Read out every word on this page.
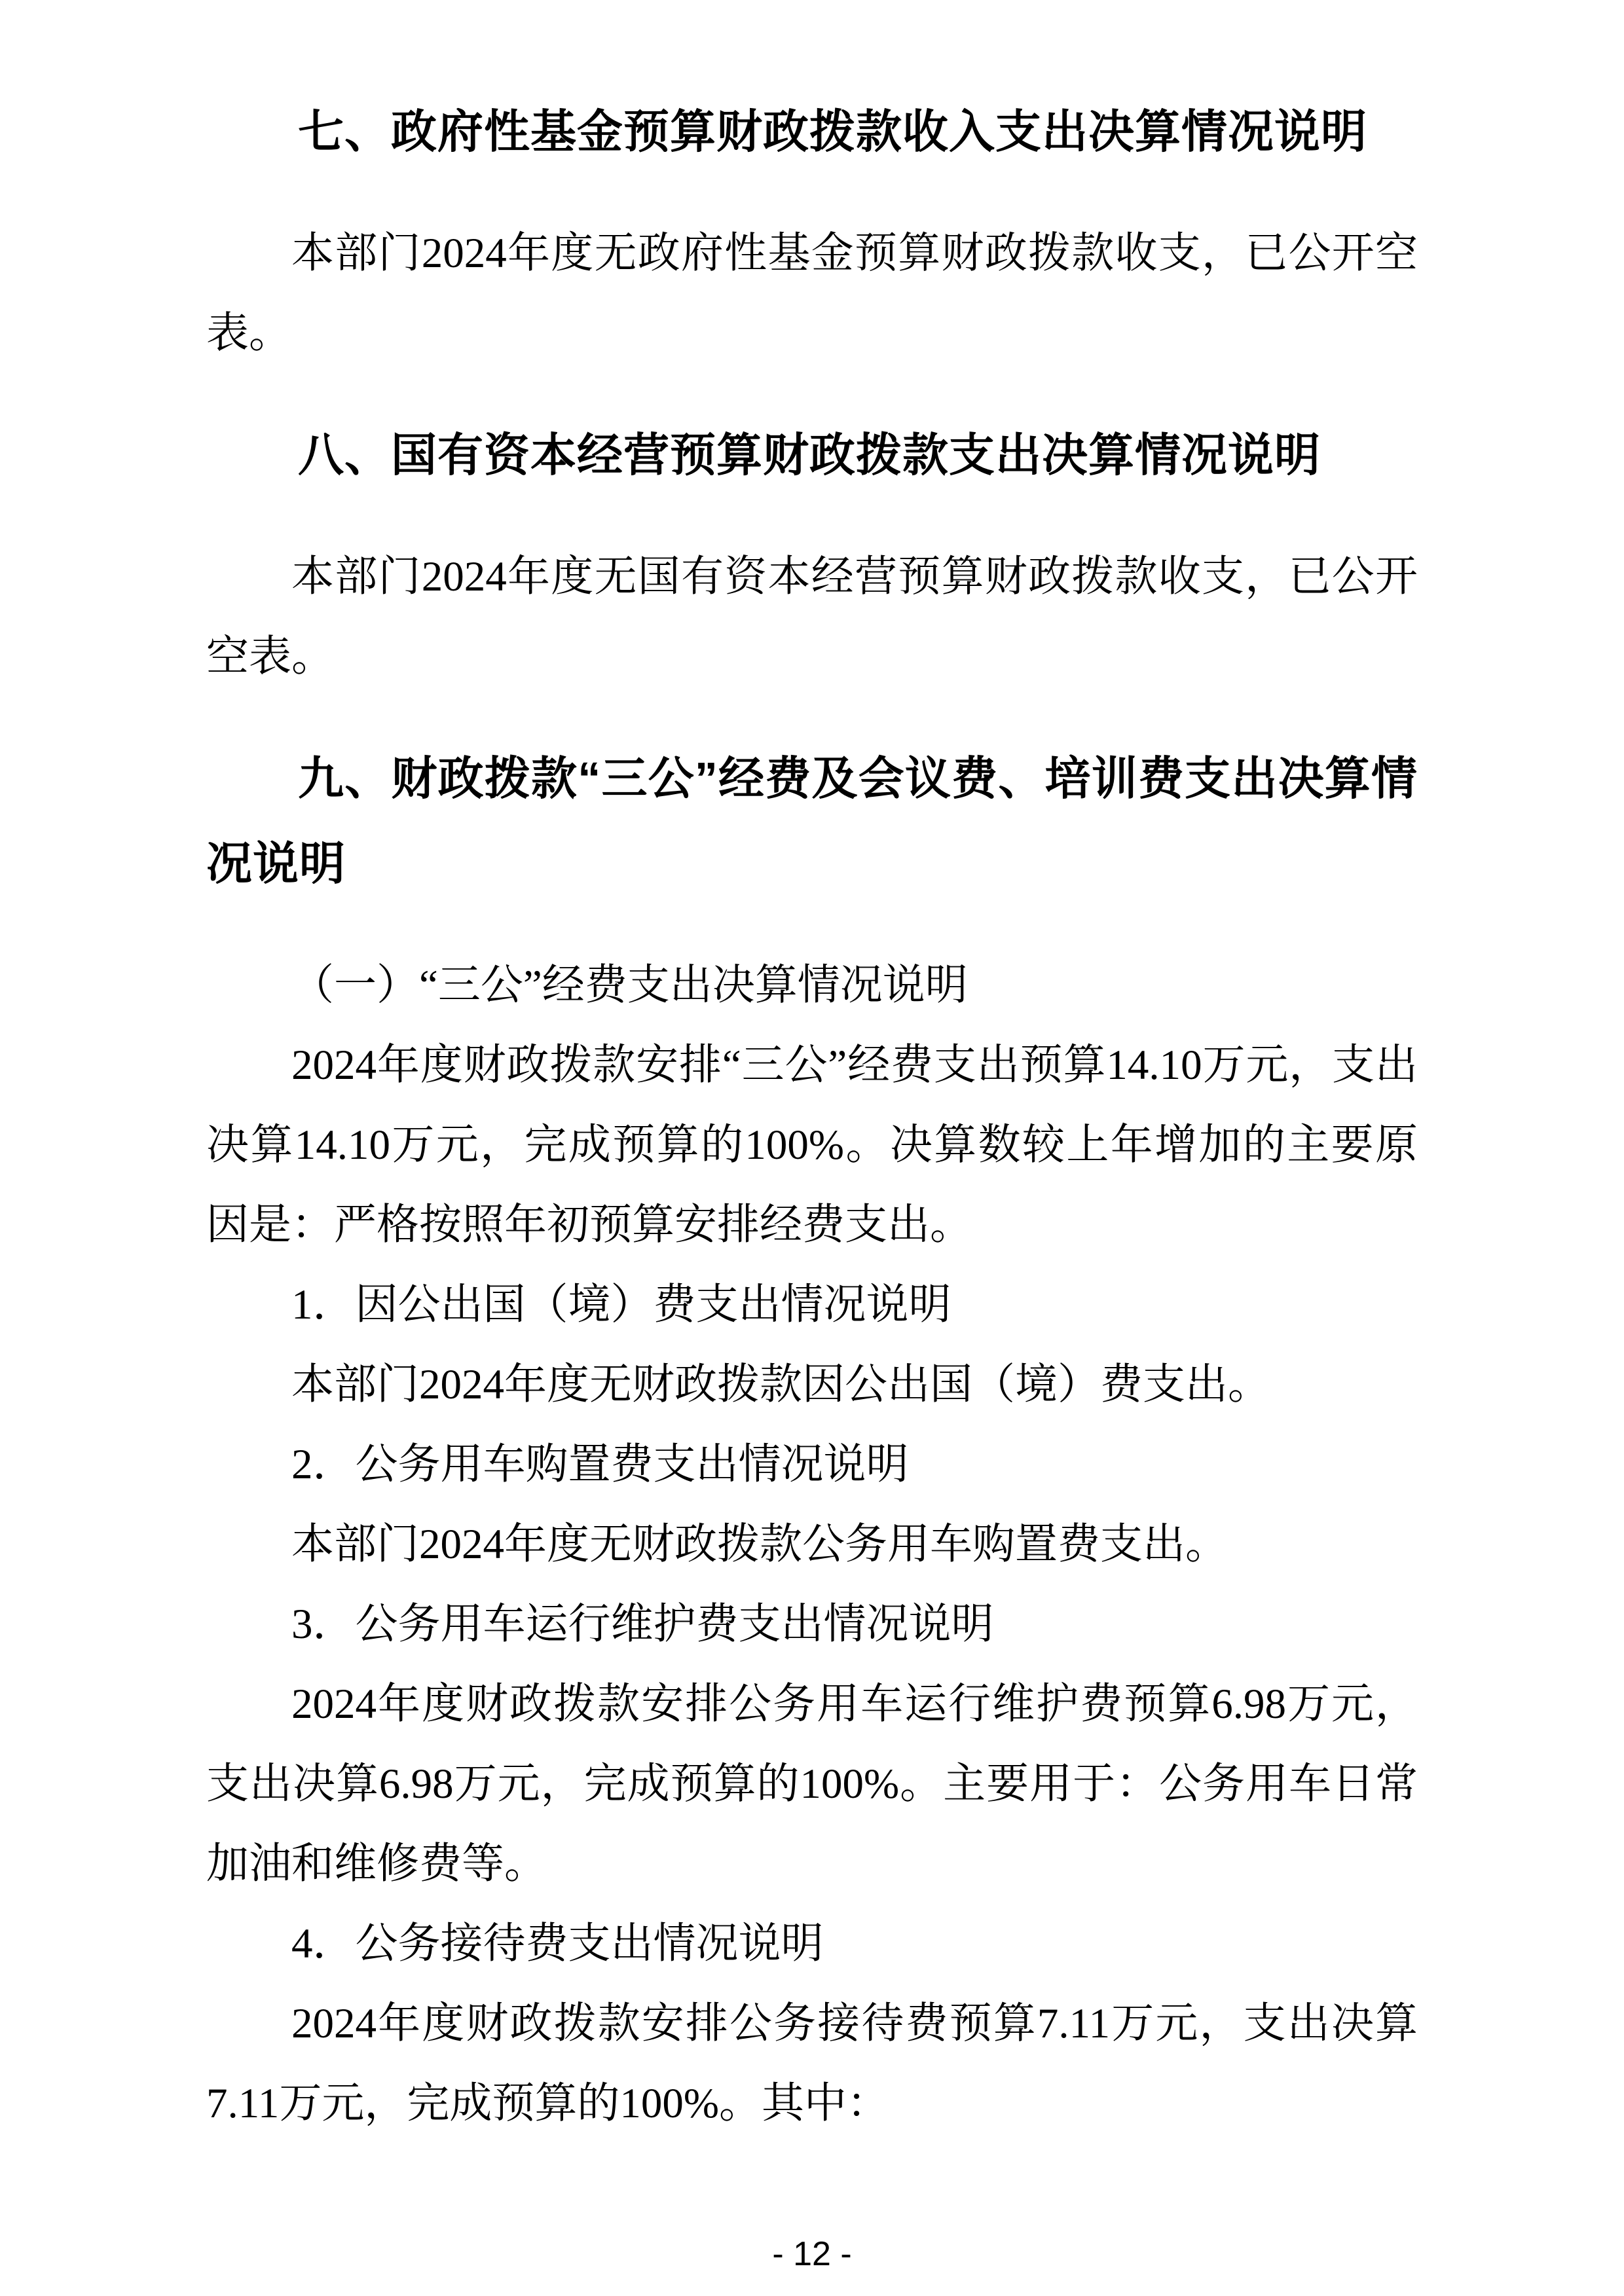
七、政府性基金预算财政拨款收入支出决算情况说明

本部门2024年度无政府性基金预算财政拨款收支，已公开空表。

八、国有资本经营预算财政拨款支出决算情况说明

本部门2024年度无国有资本经营预算财政拨款收支，已公开空表。

九、财政拨款“三公”经费及会议费、培训费支出决算情况说明
（一）“三公”经费支出决算情况说明

2024年度财政拨款安排“三公”经费支出预算14.10万元，支出决算14.10万元，完成预算的100%。决算数较上年增加的主要原因是：严格按照年初预算安排经费支出。

1．因公出国（境）费支出情况说明

本部门2024年度无财政拨款因公出国（境）费支出。

2．公务用车购置费支出情况说明

本部门2024年度无财政拨款公务用车购置费支出。

3．公务用车运行维护费支出情况说明

2024年度财政拨款安排公务用车运行维护费预算6.98万元，支出决算6.98万元，完成预算的100%。主要用于：公务用车日常加油和维修费等。

4．公务接待费支出情况说明

2024年度财政拨款安排公务接待费预算7.11万元，支出决算7.11万元，完成预算的100%。其中：

- 12 -
